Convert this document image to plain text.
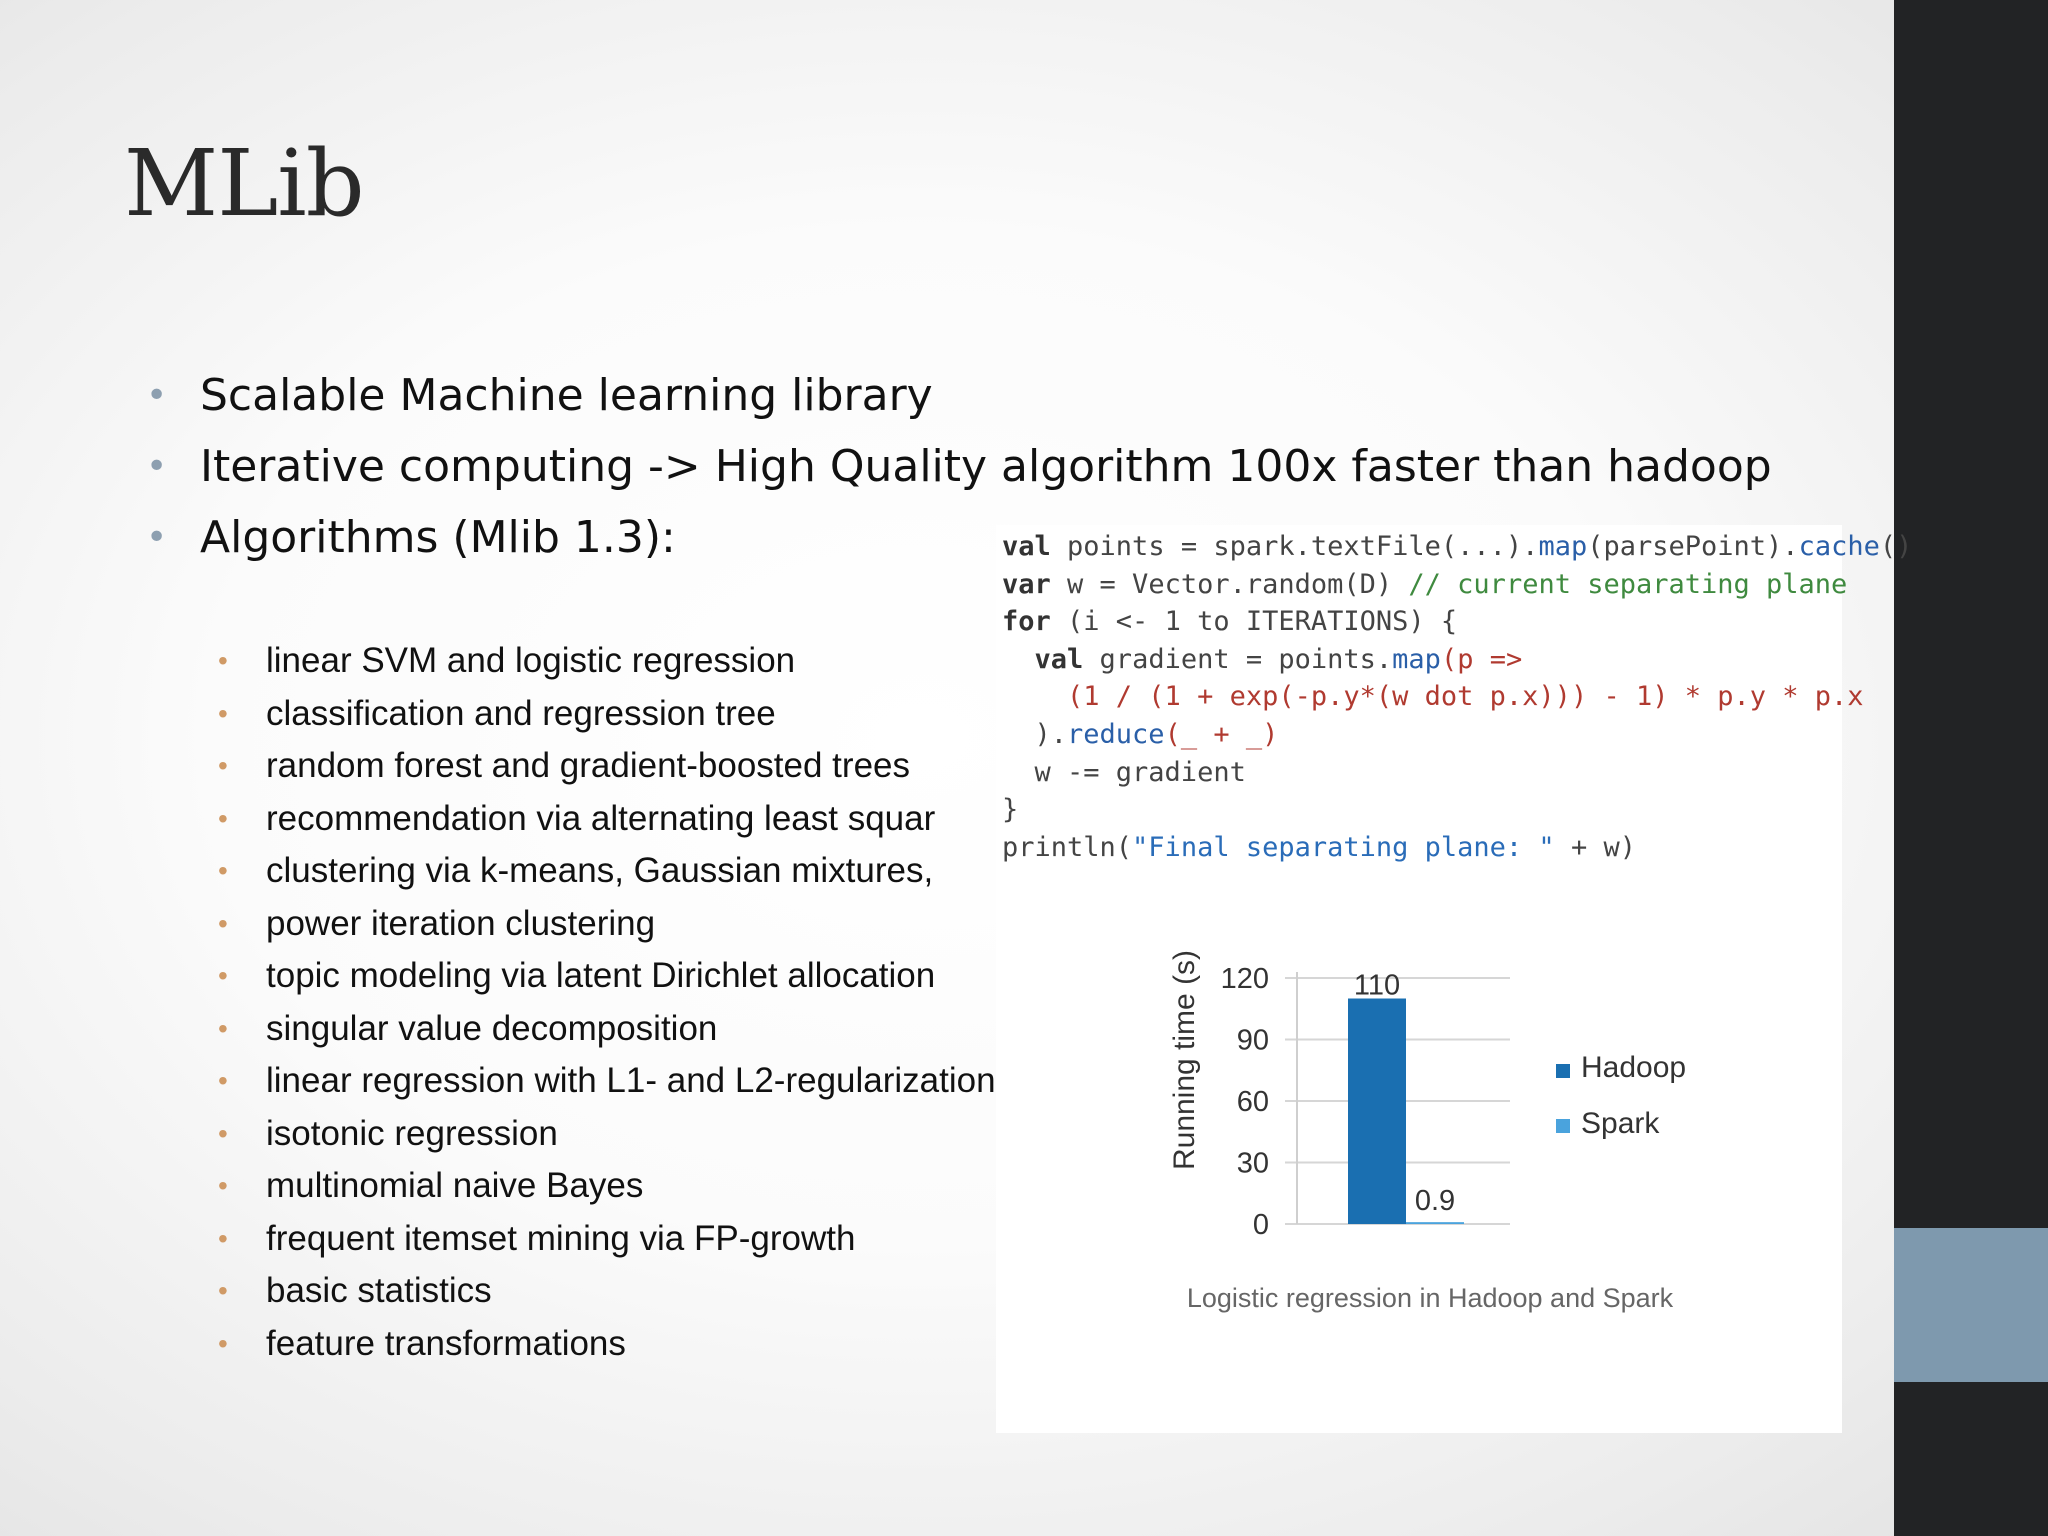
MLib
• Scalable Machine learning library
• Iterative computing -> High Quality algorithm 100x faster than hadoop
• Algorithms (Mlib 1.3):
• linear SVM and logistic regression
• classification and regression tree
• random forest and gradient-boosted trees
• recommendation via alternating least squar
• clustering via k-means, Gaussian mixtures,
• power iteration clustering
• topic modeling via latent Dirichlet allocation
• singular value decomposition
• linear regression with L1- and L2-regularization
• isotonic regression
• multinomial naive Bayes
• frequent itemset mining via FP-growth
• basic statistics
• feature transformations
val points = spark.textFile(...).map(parsePoint).cache()
var w = Vector.random(D) // current separating plane
for (i <- 1 to ITERATIONS) {
val gradient = points.map(p =>
(1 / (1 + exp(-p.y*(w dot p.x))) - 1) * p.y * p.x
).reduce(_ + _)
w -= gradient
}
println("Final separating plane: " + w)
110
0.9
0
30
60
90
120
Running time (s)	Hadoop
Spark
Logistic regression in Hadoop and Spark
